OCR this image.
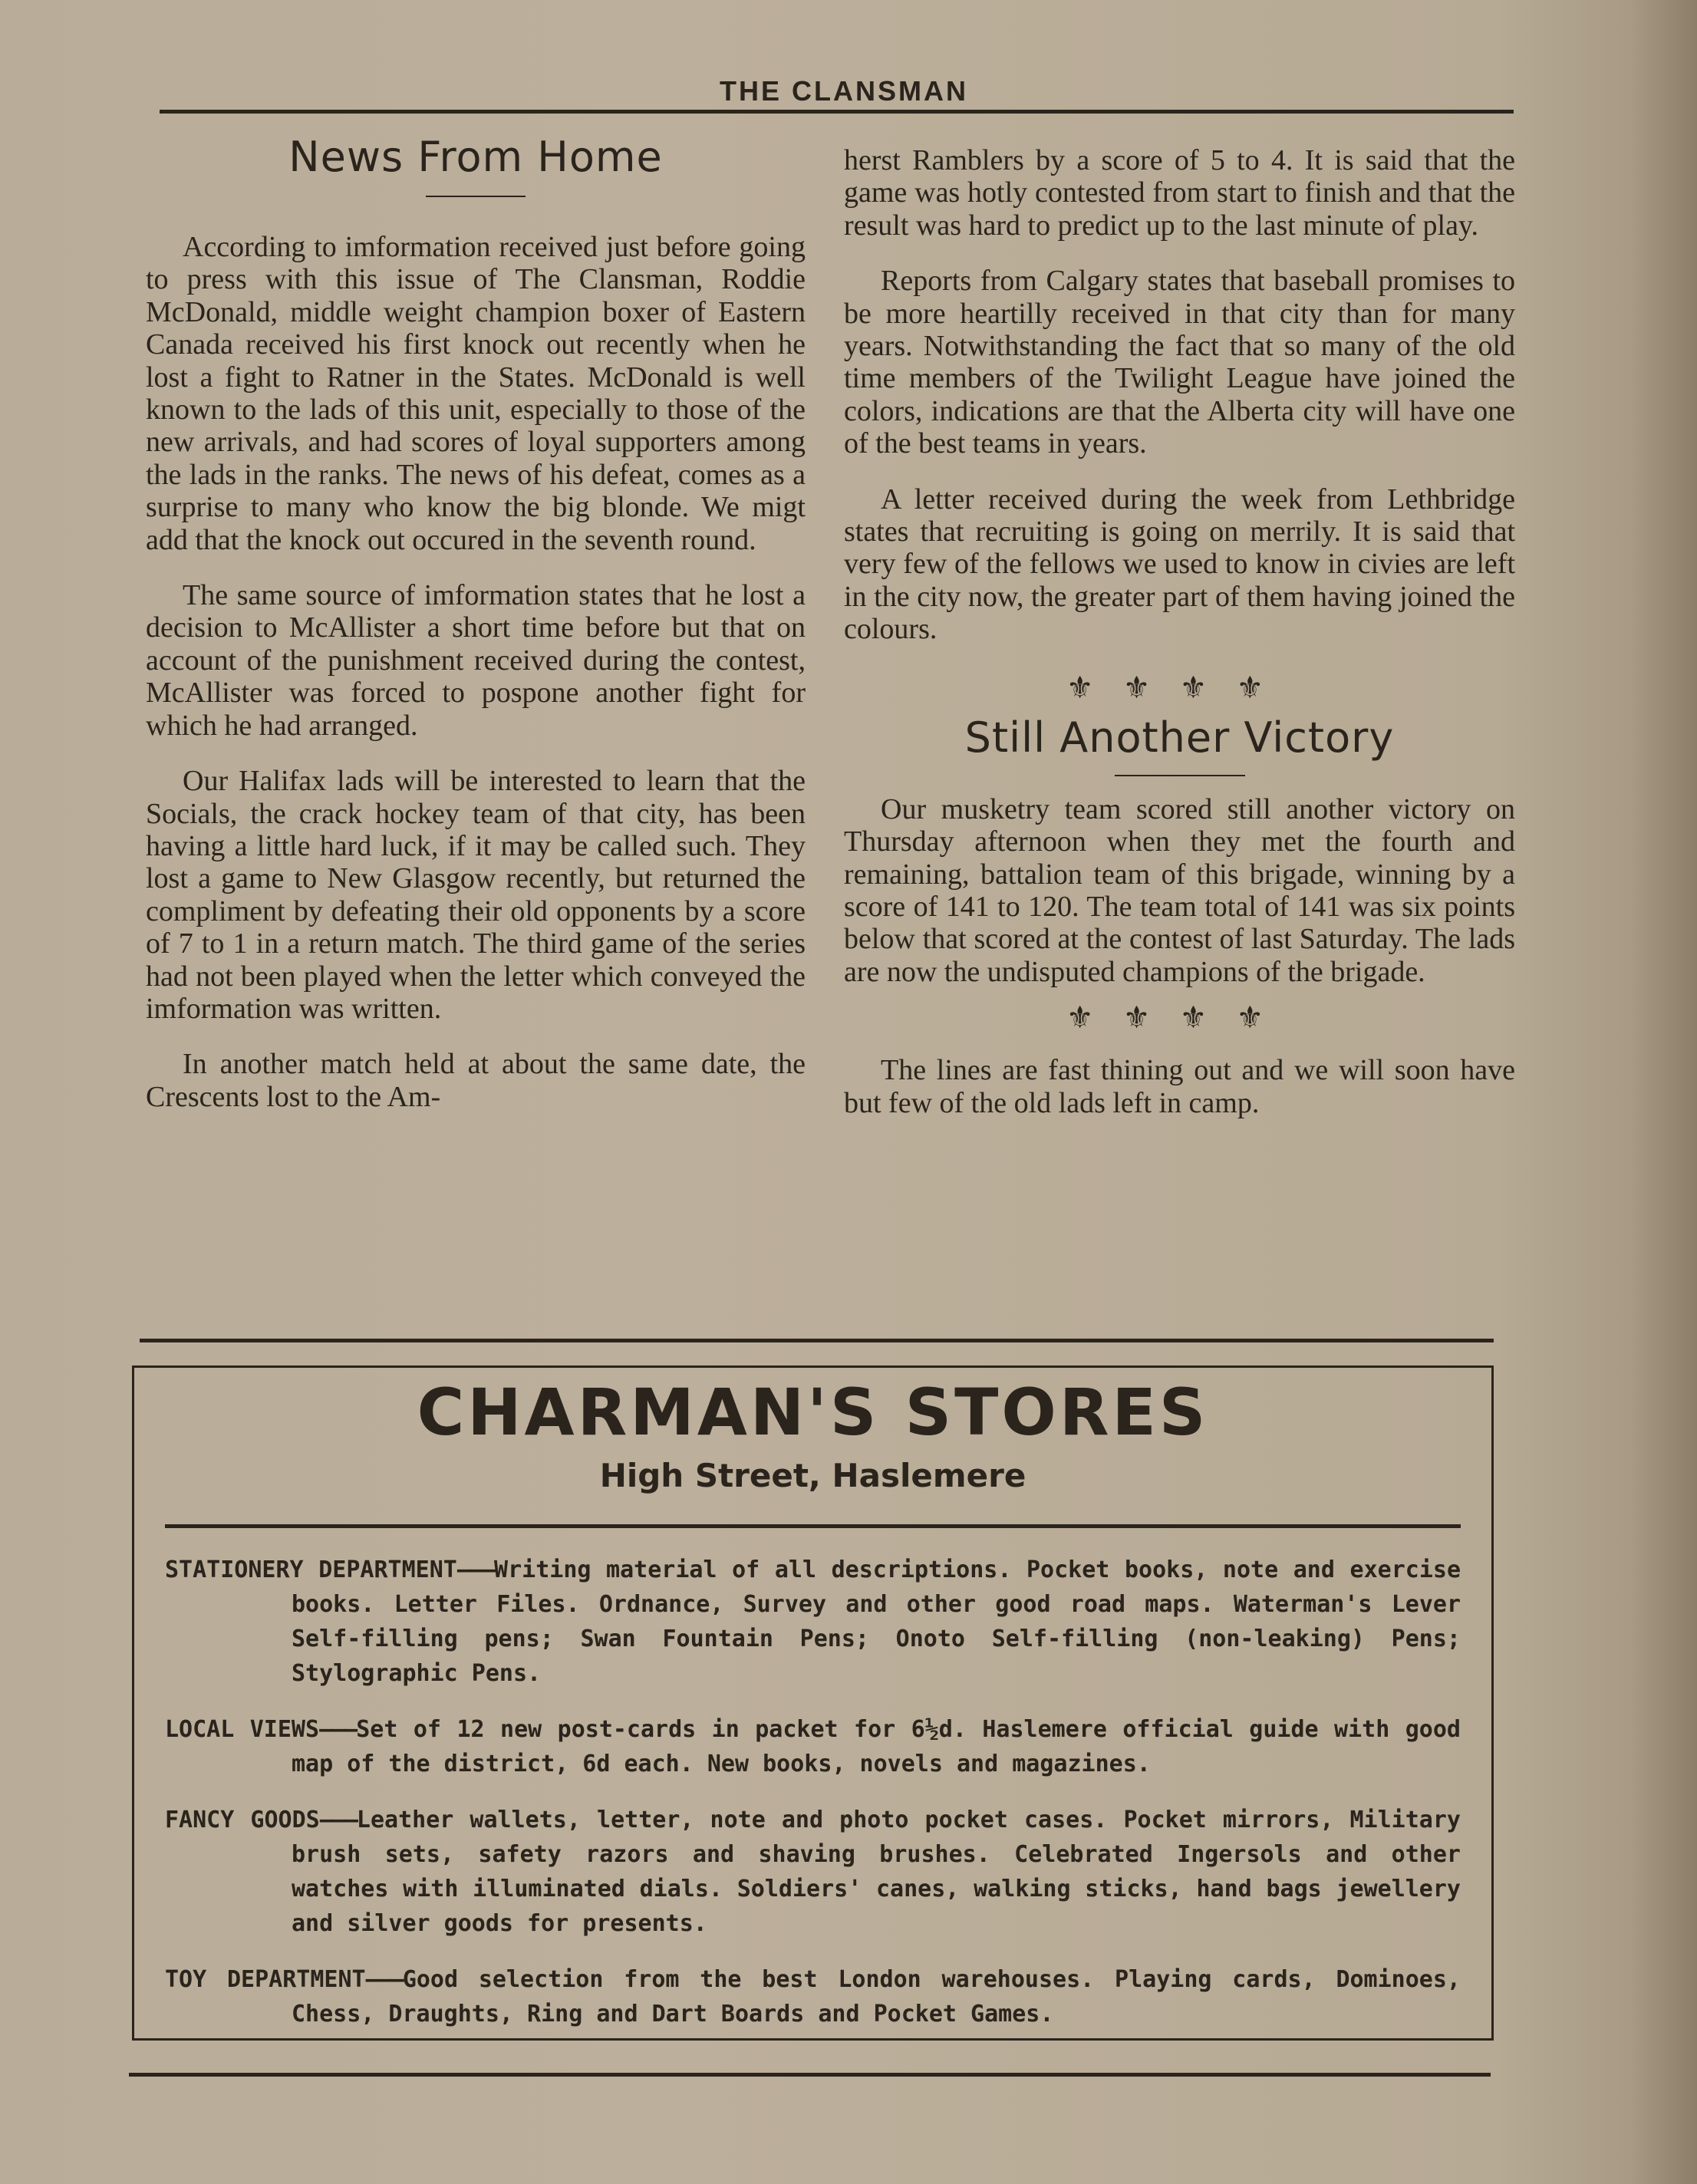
THE CLANSMAN
News From Home

According to imformation received just before going to press with this issue of The Clansman, Roddie McDonald, middle weight champion boxer of Eastern Canada received his first knock out recently when he lost a fight to Ratner in the States. McDonald is well known to the lads of this unit, especially to those of the new arrivals, and had scores of loyal supporters among the lads in the ranks. The news of his defeat, comes as a surprise to many who know the big blonde. We migt add that the knock out occured in the seventh round.

The same source of imformation states that he lost a decision to McAllister a short time before but that on account of the punishment received during the contest, McAllister was forced to pospone another fight for which he had arranged.

Our Halifax lads will be interested to learn that the Socials, the crack hockey team of that city, has been having a little hard luck, if it may be called such. They lost a game to New Glasgow recently, but returned the compliment by defeating their old opponents by a score of 7 to 1 in a return match. The third game of the series had not been played when the letter which conveyed the imformation was written.

In another match held at about the same date, the Crescents lost to the Am-

herst Ramblers by a score of 5 to 4. It is said that the game was hotly contested from start to finish and that the result was hard to predict up to the last minute of play.

Reports from Calgary states that baseball promises to be more heartilly received in that city than for many years. Notwithstanding the fact that so many of the old time members of the Twilight League have joined the colors, indications are that the Alberta city will have one of the best teams in years.

A letter received during the week from Lethbridge states that recruiting is going on merrily. It is said that very few of the fellows we used to know in civies are left in the city now, the greater part of them having joined the colours.

⚜⚜⚜⚜
Still Another Victory

Our musketry team scored still another victory on Thursday afternoon when they met the fourth and remaining, battalion team of this brigade, winning by a score of 141 to 120. The team total of 141 was six points below that scored at the contest of last Saturday. The lads are now the undisputed champions of the brigade.

⚜⚜⚜⚜

The lines are fast thining out and we will soon have but few of the old lads left in camp.

CHARMAN'S STORES
High Street, Haslemere
STATIONERY DEPARTMENT———Writing material of all descriptions. Pocket books, note and exercise books. Letter Files. Ordnance, Survey and other good road maps. Waterman's Lever Self-filling pens; Swan Fountain Pens; Onoto Self-filling (non-leaking) Pens; Stylographic Pens.
LOCAL VIEWS———Set of 12 new post-cards in packet for 6½d. Haslemere official guide with good map of the district, 6d each. New books, novels and magazines.
FANCY GOODS———Leather wallets, letter, note and photo pocket cases. Pocket mirrors, Military brush sets, safety razors and shaving brushes. Celebrated Ingersols and other watches with illuminated dials. Soldiers' canes, walking sticks, hand bags jewellery and silver goods for presents.
TOY DEPARTMENT———Good selection from the best London warehouses. Playing cards, Dominoes, Chess, Draughts, Ring and Dart Boards and Pocket Games.
